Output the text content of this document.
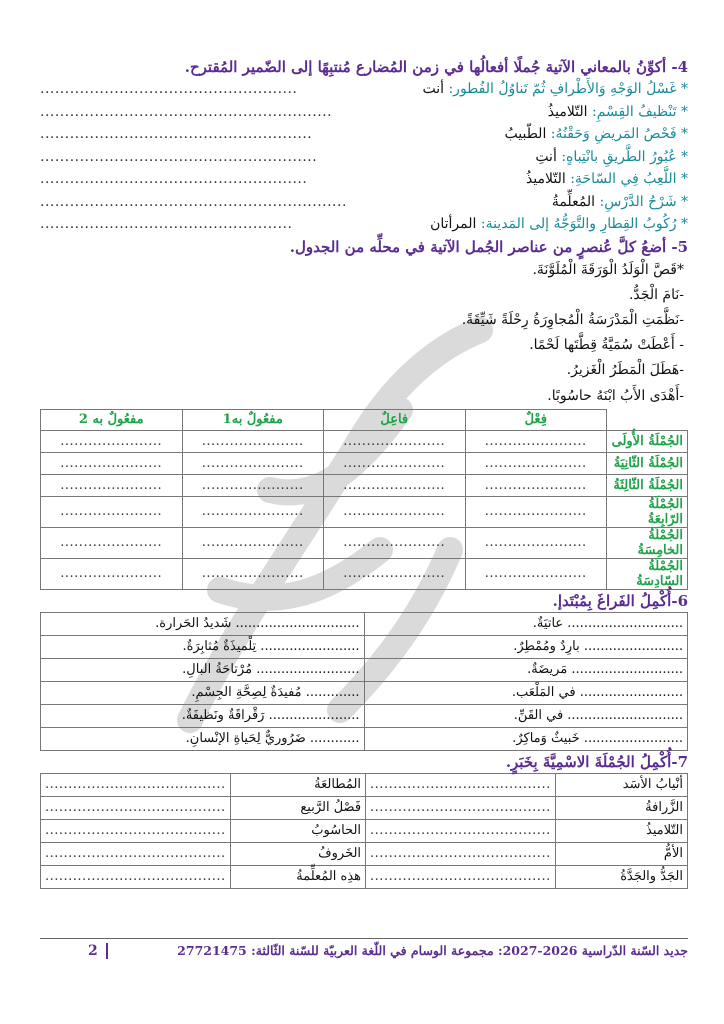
4- أكوِّنُ بالمعاني الآتية جُملًا أفعالُها في زمن المُضارع مُنتبِهًا إلى الضّمير المُقترح.

* غَسْلُ الوَجْهِ وَالأَطْرافِ ثُمّ تَناوُلُ الفُطور: أنت
....................................................
* تَنْظيفُ القِسْمِ: التّلاميذُ
...........................................................
* فَحْصُ المَريضِ وَحَقْنُهُ: الطّبيبُ
.......................................................
* عُبُورُ الطَّريقِ بانْتِباهٍ: أنتِ
........................................................
* اللَّعِبُ فِي السّاحَةِ: التّلاميذُ
......................................................
* شَرْحُ الدَّرْسِ: المُعلِّمةُ
..............................................................
* رُكُوبُ القِطارِ والتَّوَجُّهُ إلى المَدينة: المرأتان
...................................................

5- أضعُ كلَّ عُنصرٍ من عناصر الجُمل الآتية في محلِّه من الجدول.

*قَصَّ الْوَلَدُ الْوَرَقَةَ الْمُلَوَّنَةَ.
-نَامَ الْجَدُّ.
-نَظَّمَتِ الْمَدْرَسَةُ الْمُجاوِرَةُ رِحْلَةً شَيِّقَةً.
- أَعْطَتْ سُمَيَّةُ قِطَّتَها لَحْمًا.
-هَطَلَ الْمَطَرُ الْغَزيرُ.
-أَهْدَى الأَبُ ابْنَهُ حاسُوبًا.
	فِعْلٌ	فاعِلٌ	مفعُولٌ به1	مفعُولٌ به 2
الجُمْلَةُ الأُولَى	......................	......................	......................	......................
الجُمْلَةُ الثّانِيَةُ	......................	......................	......................	......................
الجُمْلَةُ الثّالِثَةُ	......................	......................	......................	......................
الجُمْلَةُ الرّابِعَةُ	......................	......................	......................	......................
الجُمْلَةُ الخامِسَةُ	......................	......................	......................	......................
الجُمْلَةُ السّادِسَةُ	......................	......................	......................	......................

6-أُكْمِلُ الفَراغَ بِمُبْتَدإ.

............................ عاتيَةٌ.	.............................. شَديدُ الحَرارة.
........................ بارِدٌ ومُمْطِرٌ.	........................ تِلْميذَةٌ مُثابِرَةٌ.
........................... مَريضَةٌ.	......................... مُرْتاحَةُ البالِ.
......................... في المَلْعَب.	............. مُفيدَةٌ لِصِحَّةِ الجِسْمِ.
............................ في القَنِّ.	...................... رَقْراقَةٌ ونَظيفَةٌ.
........................ خَبيثٌ وَماكِرٌ.	............ ضَرُوريٌّ لِحَياةِ الإنْسانِ.

7-أُكْمِلُ الجُمْلَةَ الاسْمِيَّةَ بِخَبَرٍ.

أنْيابُ الأسَد	.......................................	المُطالعَةُ	.......................................
الزَّرافةُ	.......................................	فَصْلُ الرَّبيع	.......................................
التّلاميذُ	.......................................	الحاسُوبُ	.......................................
الأمُّ	.......................................	الخَروفُ	.......................................
الجَدُّ والجَدَّةُ	.......................................	هذِه المُعلِّمةُ	.......................................
جديد السّنة الدّراسية 2026-2027: مجموعة الوسام في اللّغة العربيّة للسّنة الثّالثة: 27721475
2
